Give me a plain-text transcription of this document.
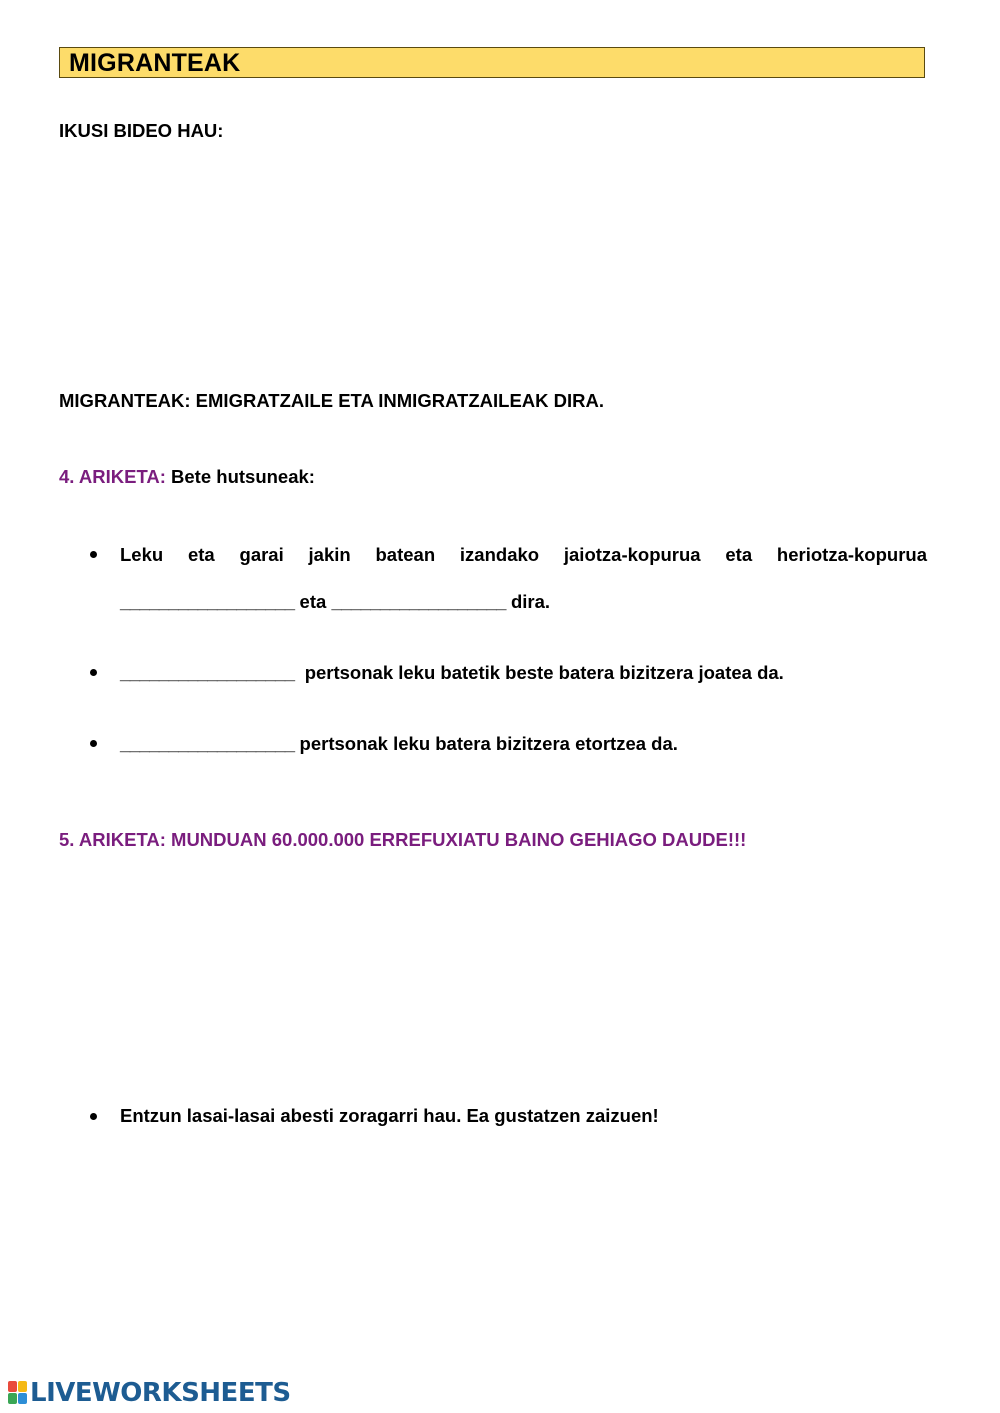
MIGRANTEAK
IKUSI BIDEO HAU:
MIGRANTEAK: EMIGRATZAILE ETA INMIGRATZAILEAK DIRA.
4. ARIKETA: Bete hutsuneak:
Leku eta garai jakin batean izandako jaiotza-kopurua eta heriotza-kopurua
__________________ eta __________________ dira.
__________________ pertsonak leku batetik beste batera bizitzera joatea da.
__________________ pertsonak leku batera bizitzera etortzea da.
5. ARIKETA: MUNDUAN 60.000.000 ERREFUXIATU BAINO GEHIAGO DAUDE!!!
Entzun lasai-lasai abesti zoragarri hau. Ea gustatzen zaizuen!
LIVEWORKSHEETS
